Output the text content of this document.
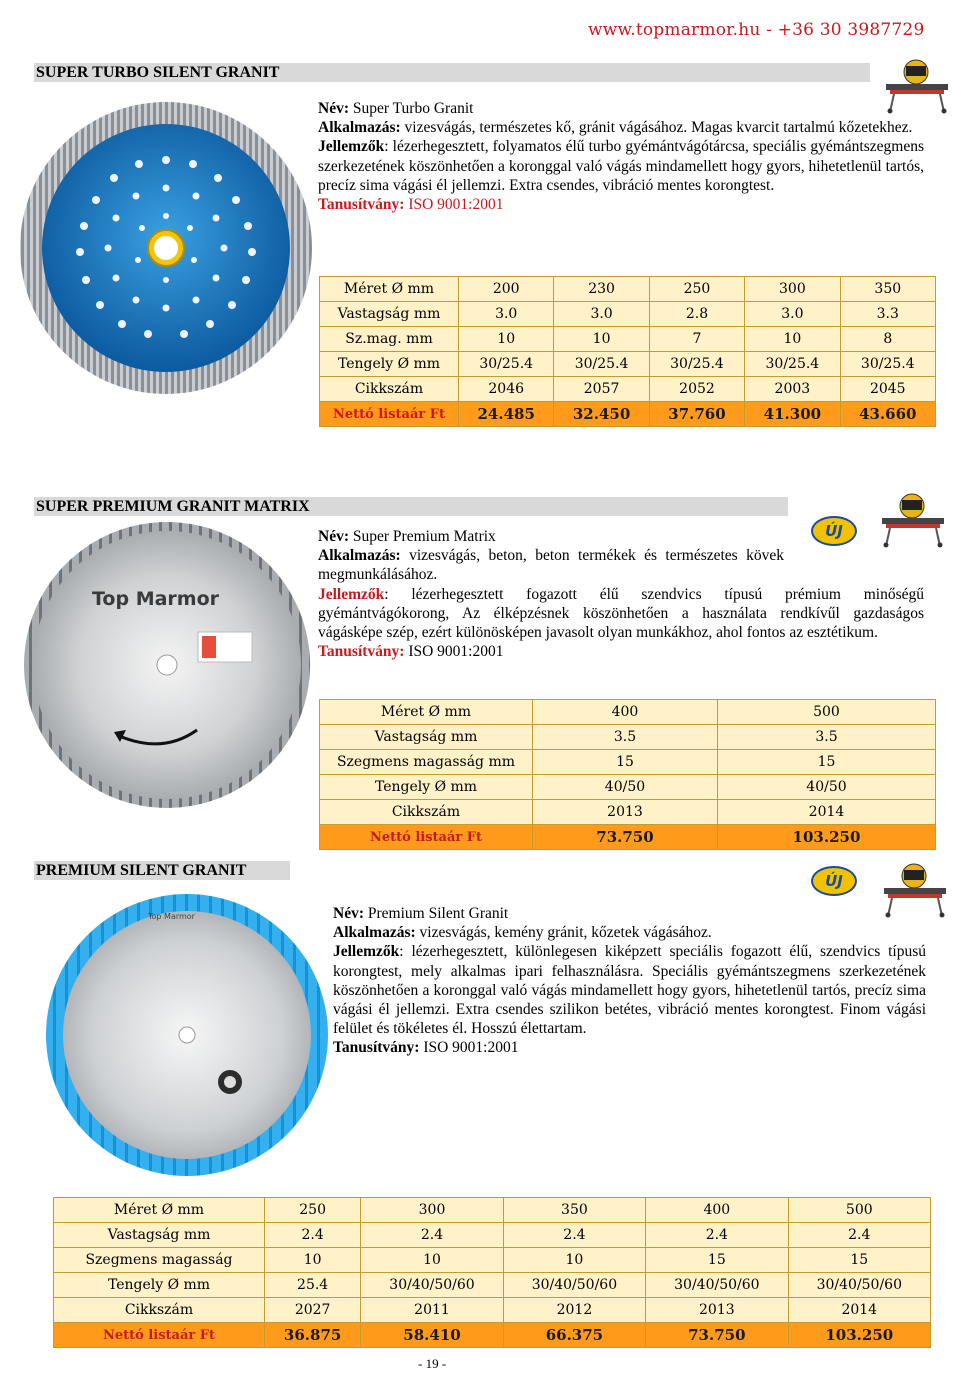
www.topmarmor.hu - +36 30 3987729
SUPER TURBO SILENT GRANIT

Név: Super Turbo Granit

Alkalmazás: vizesvágás, természetes kő, gránit vágásához. Magas kvarcit tartalmú kőzetekhez.

Jellemzők: lézerhegesztett, folyamatos élű turbo gyémántvágótárcsa, speciális gyémántszegmens szerkezetének köszönhetően a koronggal való vágás mindamellett hogy gyors, hihetetlenül tartós, precíz sima vágási él jellemzi. Extra csendes, vibráció mentes korongtest.

Tanusítvány: ISO 9001:2001

Méret Ø mm	200	230	250	300	350
Vastagság mm	3.0	3.0	2.8	3.0	3.3
Sz.mag. mm	10	10	7	10	8
Tengely Ø mm	30/25.4	30/25.4	30/25.4	30/25.4	30/25.4
Cikkszám	2046	2057	2052	2003	2045
Nettó listaár Ft	24.485	32.450	37.760	41.300	43.660
SUPER PREMIUM GRANIT MATRIX
ÚJ
Top Marmor

Név: Super Premium Matrix

Alkalmazás: vizesvágás, beton, beton termékek és természetes kövek megmunkálásához.

Jellemzők: lézerhegesztett fogazott élű szendvics típusú prémium minőségű gyémántvágókorong, Az élképzésnek köszönhetően a használata rendkívűl gazdaságos vágásképe szép, ezért különösképen javasolt olyan munkákhoz, ahol fontos az esztétikum.

Tanusítvány: ISO 9001:2001

Méret Ø mm	400	500
Vastagság mm	3.5	3.5
Szegmens magasság mm	15	15
Tengely Ø mm	40/50	40/50
Cikkszám	2013	2014
Nettó listaár Ft	73.750	103.250
PREMIUM SILENT GRANIT
ÚJ
Top Marmor	Név: Premium Silent Granit

Alkalmazás: vizesvágás, kemény gránit, kőzetek vágásához.

Jellemzők: lézerhegesztett, különlegesen kiképzett speciális fogazott élű, szendvics típusú korongtest, mely alkalmas ipari felhasználásra. Speciális gyémántszegmens szerkezetének köszönhetően a koronggal való vágás mindamellett hogy gyors, hihetetlenül tartós, precíz sima vágási él jellemzi. Extra csendes szilikon betétes, vibráció mentes korongtest. Finom vágási felület és tökéletes él. Hosszú élettartam.

Tanusítvány: ISO 9001:2001

Méret Ø mm	250	300	350	400	500
Vastagság mm	2.4	2.4	2.4	2.4	2.4
Szegmens magasság	10	10	10	15	15
Tengely Ø mm	25.4	30/40/50/60	30/40/50/60	30/40/50/60	30/40/50/60
Cikkszám	2027	2011	2012	2013	2014
Nettó listaár Ft	36.875	58.410	66.375	73.750	103.250
- 19 -
